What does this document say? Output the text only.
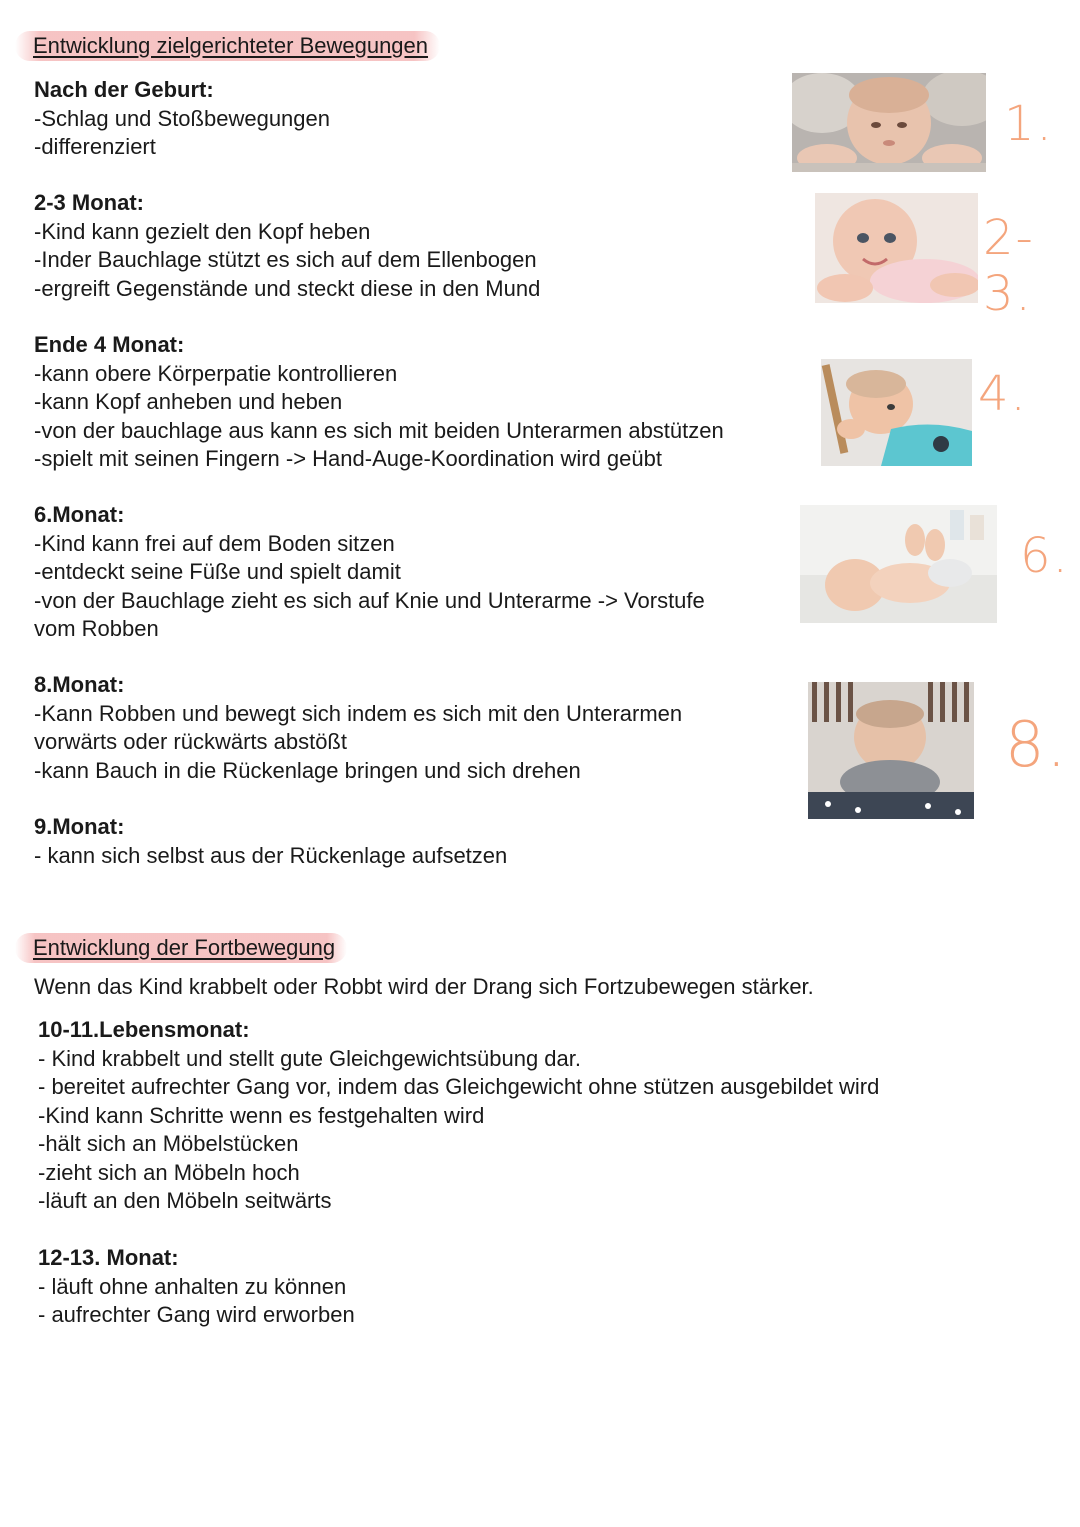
Entwicklung zielgerichteter Bewegungen
Nach der Geburt:
-Schlag und Stoßbewegungen
-differenziert
2-3 Monat:
-Kind kann gezielt den Kopf heben
-Inder Bauchlage stützt es sich auf dem Ellenbogen
-ergreift Gegenstände und steckt diese in den Mund
Ende 4 Monat:
-kann obere Körperpatie kontrollieren
-kann Kopf anheben und heben
-von der bauchlage aus kann es sich mit beiden Unterarmen abstützen
-spielt mit seinen Fingern -> Hand-Auge-Koordination wird geübt
6.Monat:
-Kind kann frei auf dem Boden sitzen
-entdeckt seine Füße und spielt damit
-von der Bauchlage zieht es sich auf Knie und Unterarme -> Vorstufe
vom Robben
8.Monat:
-Kann Robben und bewegt sich indem es sich mit den Unterarmen
vorwärts oder rückwärts abstößt
-kann Bauch in die Rückenlage bringen und sich drehen
9.Monat:
- kann sich selbst aus der Rückenlage aufsetzen
1.
2-3.
4.
6.
8.
Entwicklung der Fortbewegung
Wenn das Kind krabbelt oder Robbt wird der Drang sich Fortzubewegen stärker.
10-11.Lebensmonat:
- Kind krabbelt und stellt gute Gleichgewichtsübung dar.
- bereitet aufrechter Gang vor, indem das Gleichgewicht ohne stützen ausgebildet wird
-Kind kann Schritte wenn es festgehalten wird
-hält sich an Möbelstücken
-zieht sich an Möbeln hoch
-läuft an den Möbeln seitwärts
12-13. Monat:
- läuft ohne anhalten zu können
- aufrechter Gang wird erworben
